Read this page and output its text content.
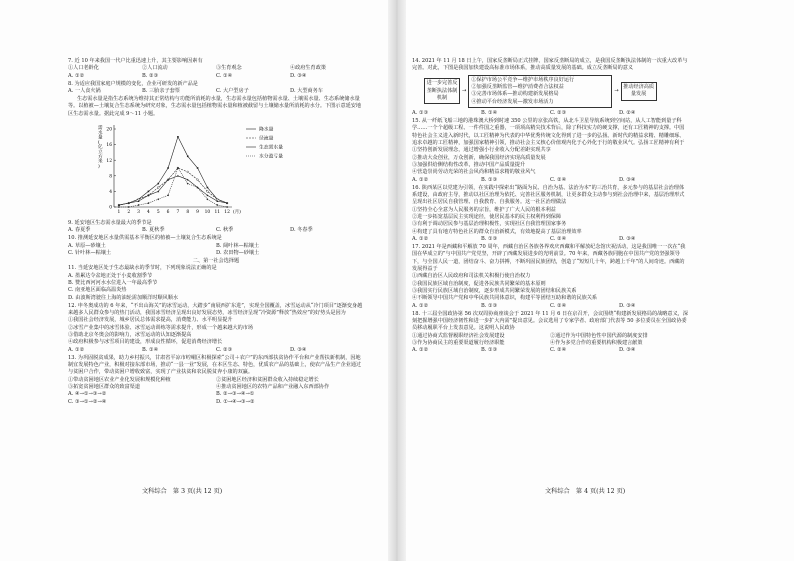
7. 近 10 年来我国一代户比重迅速上升，其主要影响因素有
①人口老龄化	②人口流动	③生育观念	④政府生育政策
A. ①②	B. ②③	C. ①④	D. ③④
8. 为适应我国家庭户规模的变化，企业可研发的新产品是
A. 一人食火锅	B. 三胎亲子套票	C. 大户型房子	D. 大型商务车
生态需水量是指生态系统为维持其正常结构与功能所消耗的水量，生态需水量包括植物需水量、土壤需水量、生态系统储水量等。以植被—土壤复合生态系统为研究对象，生态需水量包括植物需水量和植被截留与土壤储水量所消耗的水分。下图示意延安地区生态需水量。据此完成 9～11 小题。
需水量(亿立方米)
0
4
8
12
16
20
1 2 3 4 5 6 7 8 9 10 11 12 (月)
降水量
径流量
生态需水量
水分盈亏量
9. 延安地区生态需水量最大的季节是
A. 春夏季	B. 夏秋季	C. 秋季	D. 冬春季
10. 推测延安地区水量供需基本平衡区的植被—土壤复合生态系统是
A. 草原—砂壤土	B. 阔叶林—粘壤土
C. 针叶林—粘壤土	D. 农田物—砂壤土
二、第一社会选择题
11. 当延安地区处于生态最缺水的季节时，下列现象说法正确的是
A. 墨累达令盆地正处于小麦收割季节
B. 赞比西河河水水位进入一年最高季节
C. 南亚地区面临高温炎热
D. 由波斯湾驶往上海的油轮需加顺洋时顺风顺水
12. 申冬奥成功的 6 年来，“不出山海关”的冰雪运动，大踏步“南展西扩东进”，实现全国覆盖，冰雪运动从“冷门项目”逐渐变身越来越多人民群众参与的热门活动，我国冰雪经济呈现出良好发展态势，冰雪经济呈现“冷资源”释放“热效应”的好势头是因为
①我国社会经济发展，城乡居民总体需求提高，消费能力、水平明显提升
②冰雪产业集中的冰雪体验、冰雪运动训练等需求提升，形成一个越来越大的市场
③借助北京冬奥会的影响力，冰雪运动的认知逐渐提高
④政府积极参与冰雪项目的建设，形成良性循环，促进消费经济增长
A. ①②	B. ①④	C. ②③	D. ③④
13. 为巩固脱贫成果，助力乡村振兴，甘肃省平凉市崆峒区积极探索“公司＋农户”的东西部扶贫协作平台和产业帮扶新机制，因地制宜发展特色产业，积极对接东部市场，推动“一县一业”发展，在本区生态、特色，优质农产品的基础上，使农产品生产企业通过与贫困户合作，带动贫困户增收致富，实现了产业扶贫和农民脱贫奔小康的双赢。
①带动贫困地区农业产业化发展和规模化种植	②贫困地区经济和贫困群众收入持续稳定增长
③拓宽贫困地区群众的致富渠道	④推动贫困地区的农特产品和产业融入东西部协作
A. ④→①→③→②	B. ②→③→④→①
C. ③→①→②→④	D. ①→④→③→②
文科综合　第 3 页(共 12 页)
14. 2021 年 11 月 18 日上午，国家反垄断局正式挂牌，国家反垄断局的成立，是我国反垄断执法体制的一次重大改革与完善。对此，下图是我国加快建设高标准市场体系，推动高质量发展的基础。成立反垄断局的意义
进一步完善反垄断执法体制机制
→
①保护市场公平竞争—维护市场秩序良好运行
②加强反垄断监管—维护消费者合法权益
③完善市场体系—推动构建新发展格局
④推动平台经济发展—激发市场活力
→
推动经济高质量发展
A. ①③	B. ①④	C. ②③	D. ②④
15. 从一纤纸飞船三地的港珠澳大桥到时速 350 公里的京张高铁，从北斗卫星导航系统到空间站，从人工智能到量子科学……一个个超级工程、一件件国之重器，一项项高精尖技术背后，除了科技实力的硬支撑，还有工匠精神的支撑。中国特色社会主义进入新时代，以工匠精神为代表的中华优秀传统文化得到了进一步的弘扬。新时代的精益求精、精雕细琢、追求卓越的工匠精神，加强国家精神引领，推动社会主义核心价值观内化于心外化于行的敬业风气。弘扬工匠精神有利于
①坚持创新发展理念，通过增强小行业收入分配差距实现共享
②推动大众创业，万众创新，确保我国经济实现高质量发展
③加强供给侧结构性改革，推动中国产品质量提升
④营造崇尚劳动光荣的社会风尚和精益求精的敬业风气
A. ①②	B. ①③	C. ②④	D. ③④
16. 陕西某区以党建为引领，在实践中探索出“路面为民、自治为基、法治为本”的三治共育，多元参与的基层社会治理体系建设，由政府主导，推动以社区治理为依托、完善社区服务机制，让更多群众主动参与到社会治理中来，基层治理形式呈现出社区居民自我管理、自我教育、自我服务。这一社区治理做法
①坚持全心全意为人民服务的宗旨，维护了广大人民的根本利益
②进一步拓宽基层民主实现途径，使居民基本的民主权利得到保障
③有利于调动居民参与基层治理积极性，实现社区自我管理国家事务
④构建了具有地方特色社区的群众自治新模式，有效地提高了基层治理效率
A. ①②	B. ①③	C. ②④	D. ③④
17. 2021 年是西藏和平解放 70 周年，西藏自治区各族各界欢庆西藏和平解放纪念馆庆祝活动，这是我国唯一一次在“我国在华成立的”与中国共产党党坚，开辟了西藏发展进步的光明前景。70 年来，西藏各族同胞在中国共产党的坚强领导下，与全国人民一道，团结奋斗、奋力拼搏，不断巩固民族团结，创造了“短短几十年，跨越上千年”的人间奇迹。西藏的发展得益于
①西藏自治区人民政府和司法机关积极行使自治权力
②我国民族区域自治制度，促进各民族共同繁荣的基本原则
③我国实行民族区域自治制度，逐步形成共同繁荣发展的团结和民族关系
④不断领导中国共产党和中华民族共同体意识，构建平等团结互助和谐的民族关系
A. ①②	B. ①③	C. ②④	D. ③④
18. 十三届全国政协第 56 次双周协商座谈会于 2021 年 11 月 6 日在京召开，会议围绕“构建新发展格局的战略意义，深刻把握增强中国经济韧性和进一步扩大内需”提出意见。会议选用了专家学者、政府部门代表等 50 多位委员在全国政协委员移动履职平台上发表意见。这说明人民政协
①通过协商式监督履职经济社会发展建设	②通过作为中国特色性中国代源的制度安排
③作为协商民主的重要渠道履行经济职能	④作为多党合作的重要机构积极建言献策
A. ①②	B. ①③	C. ②④	D. ③④
文科综合　第 4 页(共 12 页)
